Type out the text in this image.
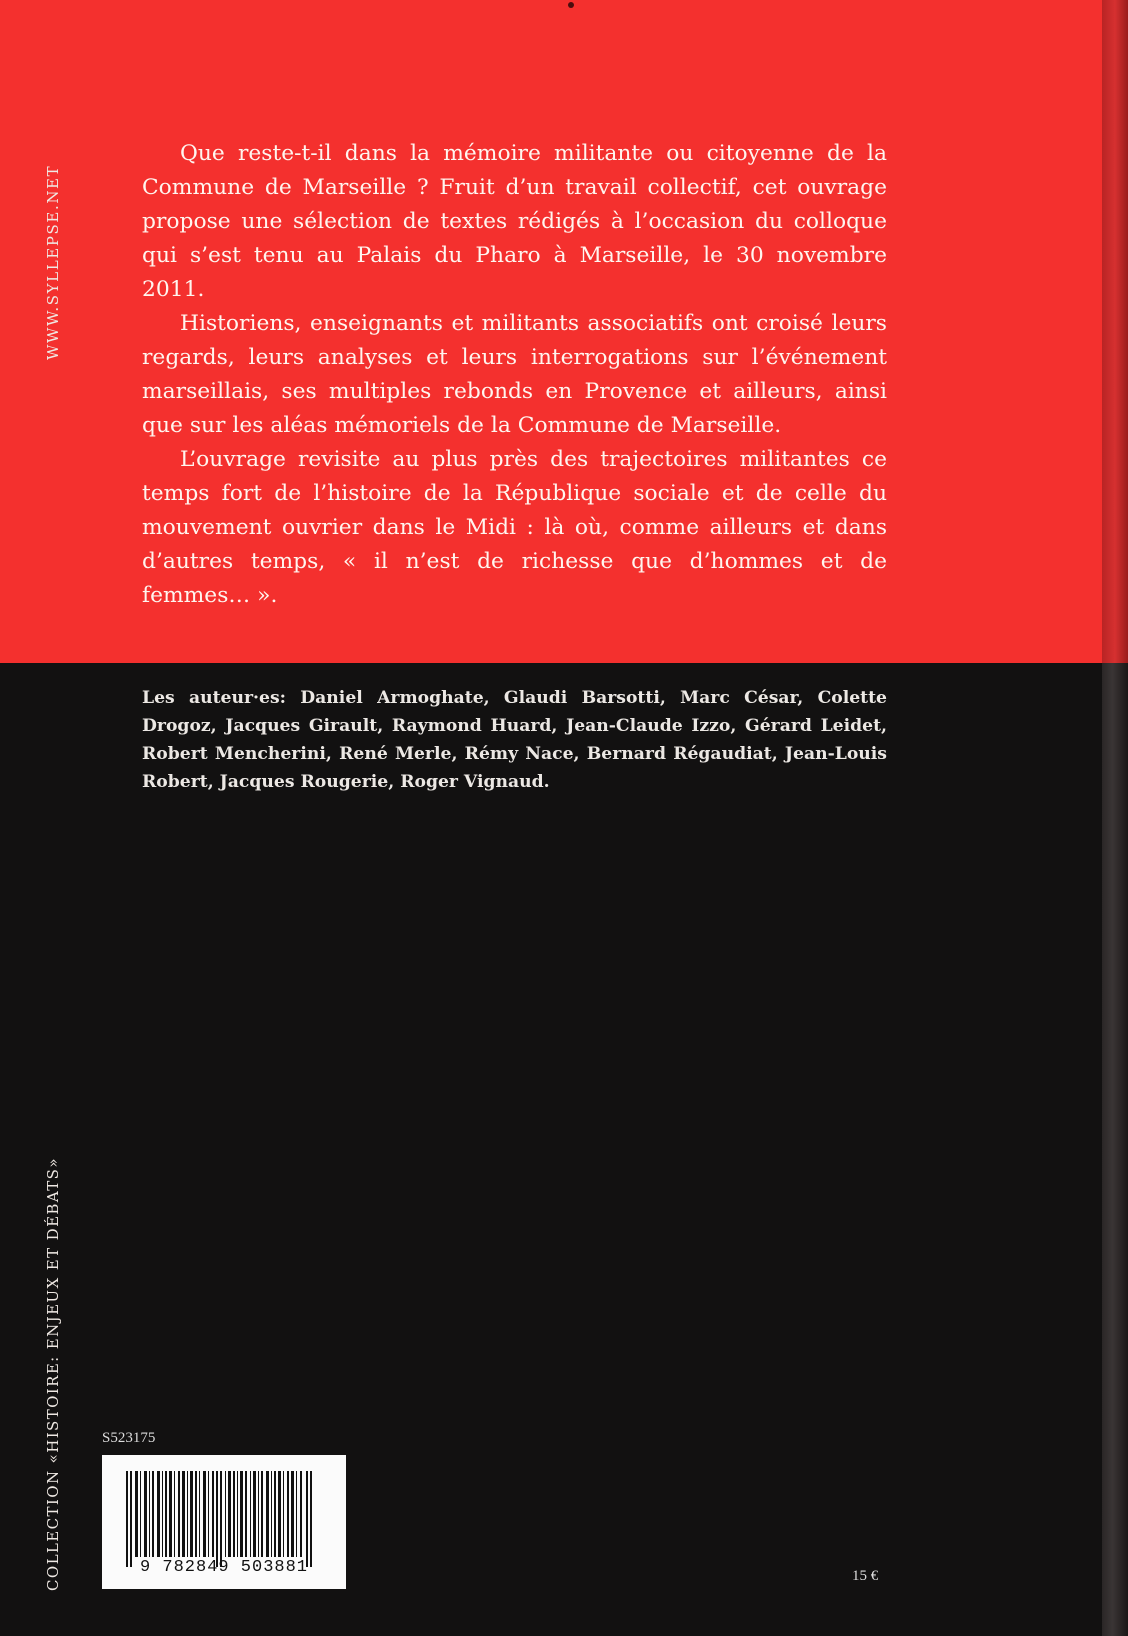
WWW.SYLLEPSE.NET

Que reste-t-il dans la mémoire militante ou citoyenne de la Commune de Marseille ? Fruit d’un travail collectif, cet ouvrage propose une sélection de textes rédigés à l’occasion du colloque qui s’est tenu au Palais du Pharo à Marseille, le 30 novembre 2011.

Historiens, enseignants et militants associatifs ont croisé leurs regards, leurs analyses et leurs interrogations sur l’événement marseillais, ses multiples rebonds en Provence et ailleurs, ainsi que sur les aléas mémoriels de la Commune de Marseille.

L’ouvrage revisite au plus près des trajectoires militantes ce temps fort de l’histoire de la République sociale et de celle du mouvement ouvrier dans le Midi : là où, comme ailleurs et dans d’autres temps, « il n’est de richesse que d’hommes et de femmes… ».

Les auteur·es: Daniel Armoghate, Glaudi Barsotti, Marc César, Colette Drogoz, Jacques Girault, Raymond Huard, Jean-Claude Izzo, Gérard Leidet, Robert Mencherini, René Merle, Rémy Nace, Bernard Régaudiat, Jean-Louis Robert, Jacques Rougerie, Roger Vignaud.
COLLECTION «HISTOIRE: ENJEUX ET DÉBATS»	S523175
9 782849 503881	15 €
